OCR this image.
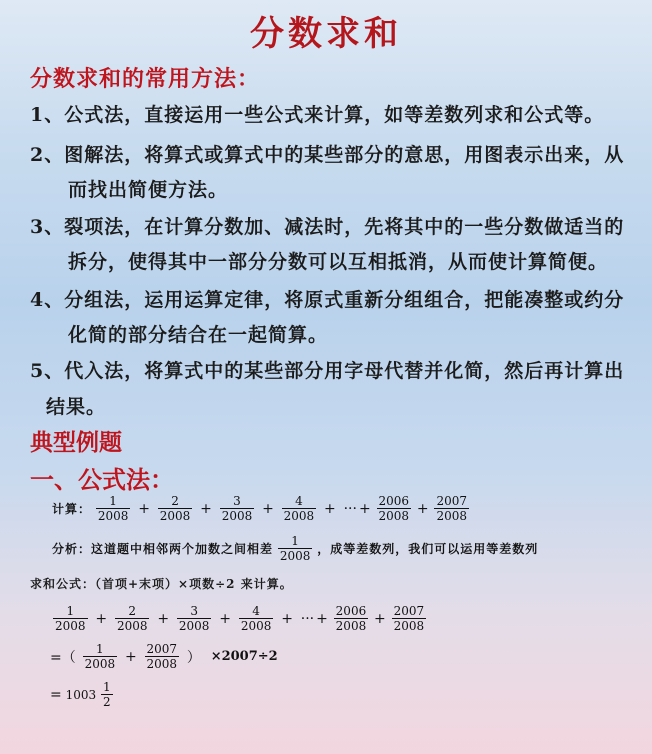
分数求和
分数求和的常用方法：
1、公式法，直接运用一些公式来计算，如等差数列求和公式等。
2、图解法，将算式或算式中的某些部分的意思，用图表示出来，从
而找出简便方法。
3、裂项法，在计算分数加、减法时，先将其中的一些分数做适当的
拆分，使得其中一部分分数可以互相抵消，从而使计算简便。
4、分组法，运用运算定律，将原式重新分组组合，把能凑整或约分
化简的部分结合在一起简算。
5、代入法，将算式中的某些部分用字母代替并化简，然后再计算出
结果。
典型例题
一、公式法：
计算： $\frac{1}{2008} + \frac{2}{2008} + \frac{3}{2008} + \frac{4}{2008}$ + ··· + $\frac{2006}{2008} + \frac{2007}{2008}$
分析：这道题中相邻两个加数之间相差 $\frac{1}{2008}$ ，成等差数列，我们可以运用等差数列
求和公式：（首项+末项）×项数÷2 来计算。
$\frac{1}{2008} + \frac{2}{2008} + \frac{3}{2008} + \frac{4}{2008}$ + ··· + $\frac{2006}{2008} + \frac{2007}{2008}$
=（ $\frac{1}{2008} + \frac{2007}{2008}$ ） ×2007÷2
= $1003 \frac{1}{2}$
